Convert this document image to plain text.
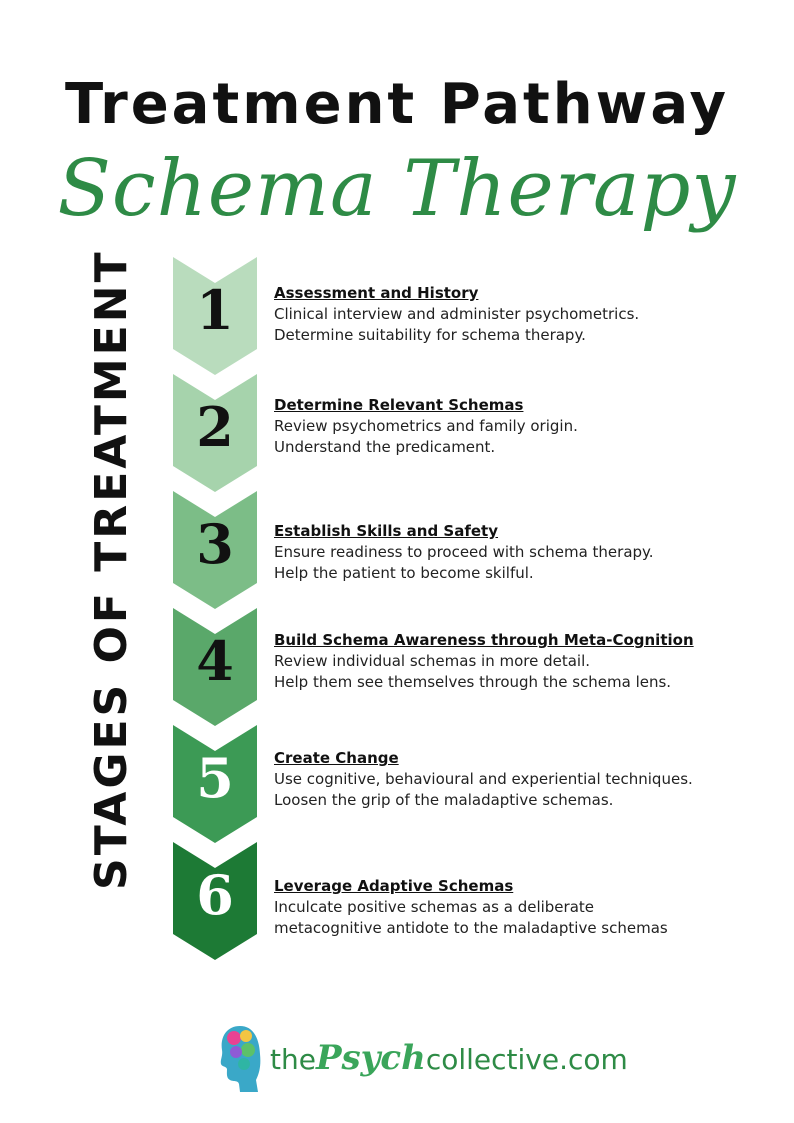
Treatment Pathway
Schema Therapy
STAGES OF TREATMENT	1	Assessment and History
Clinical interview and administer psychometrics.
Determine suitability for schema therapy.
2	Determine Relevant Schemas
Review psychometrics and family origin.
Understand the predicament.
3	Establish Skills and Safety
Ensure readiness to proceed with schema therapy.
Help the patient to become skilful.
4	Build Schema Awareness through Meta-Cognition
Review individual schemas in more detail.
Help them see themselves through the schema lens.
5	Create Change
Use cognitive, behavioural and experiential techniques.
Loosen the grip of the maladaptive schemas.
6	Leverage Adaptive Schemas
Inculcate positive schemas as a deliberate
metacognitive antidote to the maladaptive schemas
thePsychcollective.com
